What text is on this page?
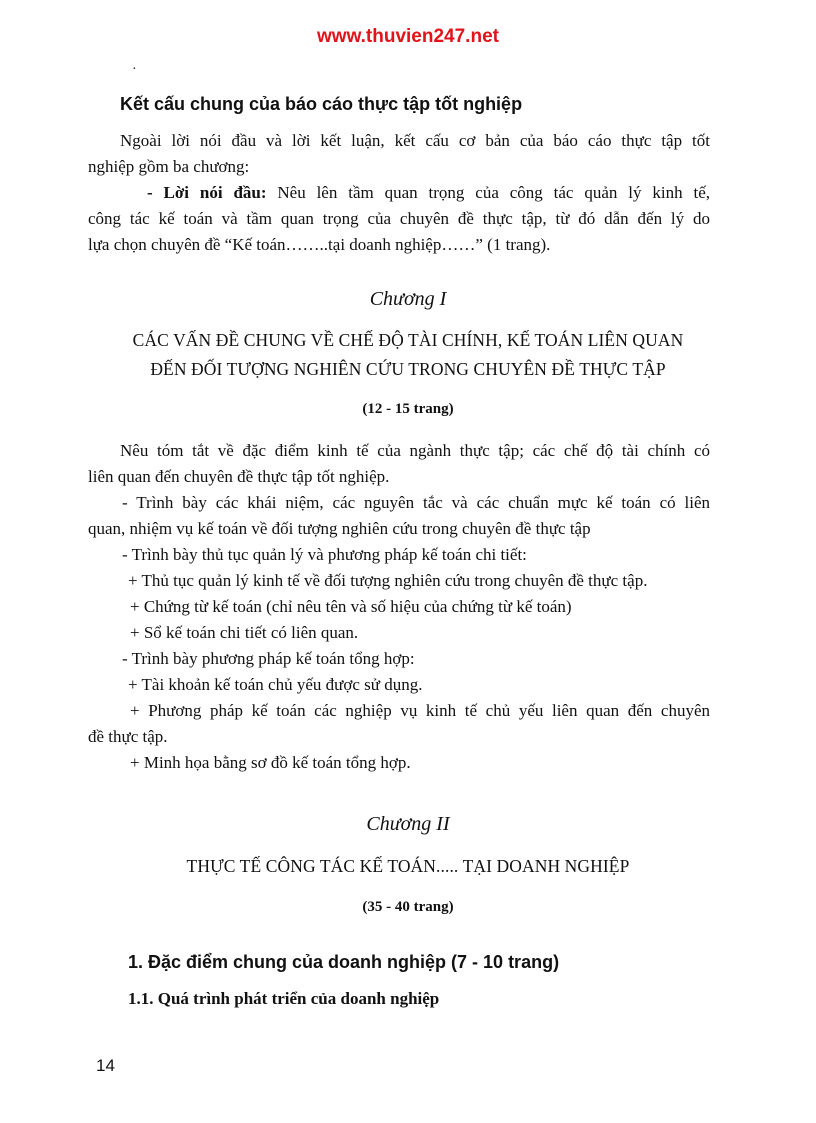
www.thuvien247.net
·
Kết cấu chung của báo cáo thực tập tốt nghiệp
Ngoài lời nói đầu và lời kết luận, kết cấu cơ bản của báo cáo thực tập tốt
nghiệp gồm ba chương:
- Lời nói đầu: Nêu lên tầm quan trọng của công tác quản lý kinh tế,
công tác kế toán và tầm quan trọng của chuyên đề thực tập, từ đó dẫn đến lý do
lựa chọn chuyên đề “Kế toán……..tại doanh nghiệp……” (1 trang).
Chương I
CÁC VẤN ĐỀ CHUNG VỀ CHẾ ĐỘ TÀI CHÍNH, KẾ TOÁN LIÊN QUAN
ĐẾN ĐỐI TƯỢNG NGHIÊN CỨU TRONG CHUYÊN ĐỀ THỰC TẬP
(12 - 15 trang)
Nêu tóm tắt về đặc điểm kinh tế của ngành thực tập; các chế độ tài chính có
liên quan đến chuyên đề thực tập tốt nghiệp.
- Trình bày các khái niệm, các nguyên tắc và các chuẩn mực kế toán có liên
quan, nhiệm vụ kế toán về đối tượng nghiên cứu trong chuyên đề thực tập
- Trình bày thủ tục quản lý và phương pháp kế toán chi tiết:
+ Thủ tục quản lý kinh tế về đối tượng nghiên cứu trong chuyên đề thực tập.
+ Chứng từ kế toán (chỉ nêu tên và số hiệu của chứng từ kế toán)
+ Sổ kế toán chi tiết có liên quan.
- Trình bày phương pháp kế toán tổng hợp:
+ Tài khoản kế toán chủ yếu được sử dụng.
+ Phương pháp kế toán các nghiệp vụ kinh tế chủ yếu liên quan đến chuyên
đề thực tập.
+ Minh họa bằng sơ đồ kế toán tổng hợp.
Chương II
THỰC TẾ CÔNG TÁC KẾ TOÁN..... TẠI DOANH NGHIỆP
(35 - 40 trang)
1. Đặc điểm chung của doanh nghiệp (7 - 10 trang)
1.1. Quá trình phát triển của doanh nghiệp
14
